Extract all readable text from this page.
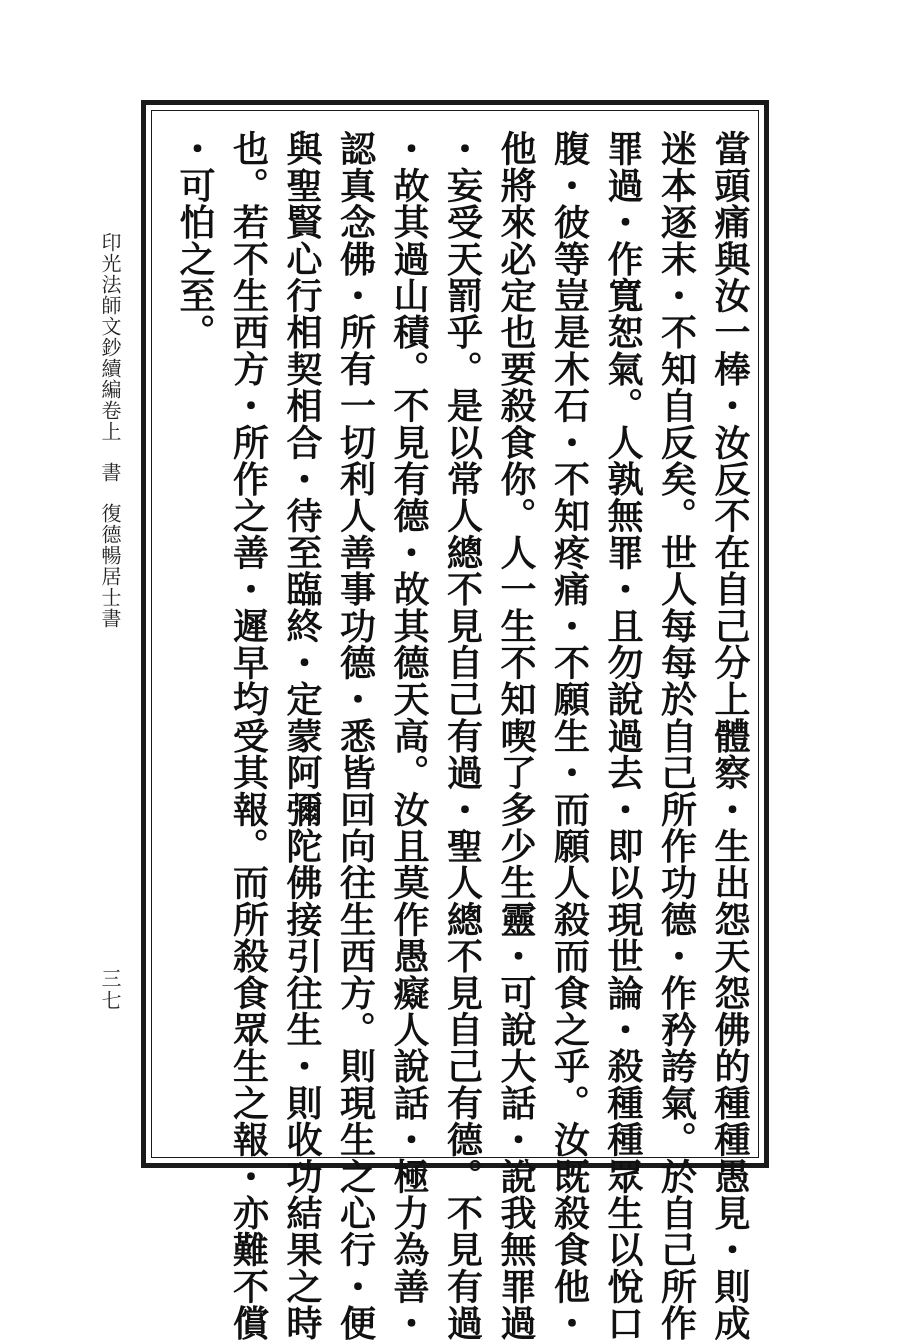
印光法師文鈔續編卷上書復德暢居士書
三七	當頭痛與汝一棒・汝反不在自己分上體察・生出怨天怨佛的種種愚見・則成
迷本逐末・不知自反矣。世人每每於自己所作功德・作矜誇氣。於自己所作
罪過・作寬恕氣。人孰無罪・且勿說過去・即以現世論・殺種種眾生以悅口
腹・彼等豈是木石・不知疼痛・不願生・而願人殺而食之乎。汝既殺食他・
他將來必定也要殺食你。人一生不知喫了多少生靈・可說大話・說我無罪過
・妄受天罰乎。是以常人總不見自己有過・聖人總不見自己有德。不見有過
・故其過山積。不見有德・故其德天高。汝且莫作愚癡人說話・極力為善・
認真念佛・所有一切利人善事功德・悉皆回向往生西方。則現生之心行・便
與聖賢心行相契相合・待至臨終・定蒙阿彌陀佛接引往生・則收功結果之時
也。若不生西方・所作之善・遲早均受其報。而所殺食眾生之報・亦難不償
・可怕之至。
